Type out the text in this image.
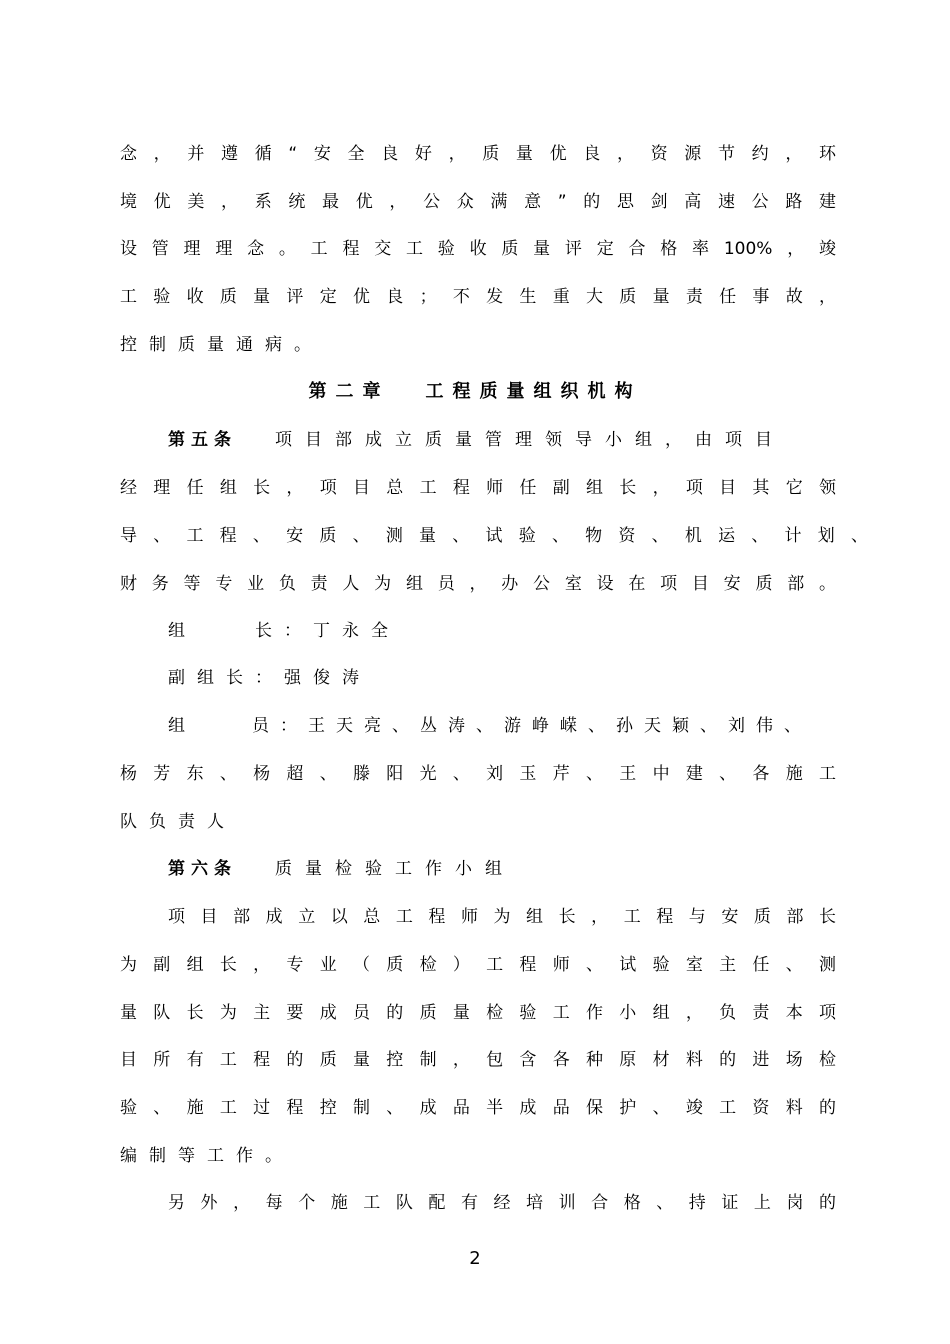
念，并遵循“安全良好，质量优良，资源节约，环
境优美，系统最优，公众满意”的思剑高速公路建
设管理理念。工程交工验收质量评定合格率100%，竣
工验收质量评定优良；不发生重大质量责任事故，
控制质量通病。
第二章 工程质量组织机构
第五条 项目部成立质量管理领导小组，由项目
经理任组长，项目总工程师任副组长，项目其它领
导、工程、安质、测量、试验、物资、机运、计划、
财务等专业负责人为组员，办公室设在项目安质部。
组　　长：丁永全
副组长：强俊涛
组　　员：王天亮、丛涛、游峥嵘、孙天颖、刘伟、
杨芳东、杨超、滕阳光、刘玉芹、王中建、各施工
队负责人
第六条 质量检验工作小组
项目部成立以总工程师为组长，工程与安质部长
为副组长，专业（质检）工程师、试验室主任、测
量队长为主要成员的质量检验工作小组，负责本项
目所有工程的质量控制，包含各种原材料的进场检
验、施工过程控制、成品半成品保护、竣工资料的
编制等工作。
另外，每个施工队配有经培训合格、持证上岗的
2
